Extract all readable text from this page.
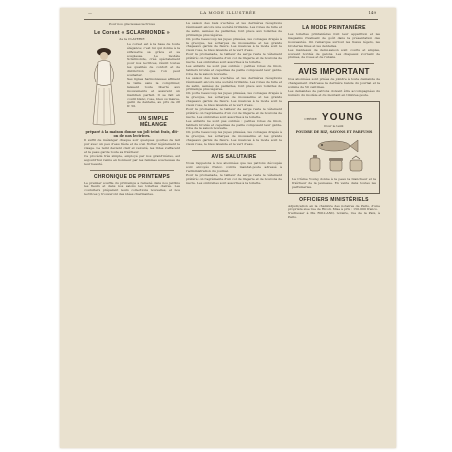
—	LA MODE ILLUSTRÉE	149

Pour nos gracieuses lectrices

Le Corset « SCLARMONDE »

de la CLAYERIE

Le corset est à la base de toute élégance; c'est lui qui donne à la silhouette sa grâce et sa souplesse. Le modèle Sclarmonde, créé spécialement pour nos lectrices, réunit toutes les qualités de confort et de distinction que l'on peut souhaiter.

Ses lignes harmonieuses affinent la taille sans la comprimer, laissent toute liberté aux mouvements et assurent un maintien parfait. Il se fait en coutil blanc, rose, bleu ou mauve, garni de dentelle, au prix de 28 fr. 50.

UN SIMPLE MÉLANGE
préparé à la maison donne un joli teint frais, dit-on de nos lectrices.

Il suffit de mélanger chaque soir quelques gouttes de lait pur avec un peu d'eau tiède et de s'en frotter légèrement le visage. Le teint devient clair et velouté, les rides s'effacent et la peau garde toute sa fraîcheur.

Ce procédé très simple, employé par nos grand'mères, est aujourd'hui remis en honneur par les femmes soucieuses de leur beauté.

CHRONIQUE DE PRINTEMPS

Le premier souffle du printemps a ramené dans nos jardins les fleurs et dans nos salons les toilettes claires. Les couturiers préparent leurs collections nouvelles, et nos lectrices y trouveront des idées charmantes.

La saison des bals s'achève et les dernières réceptions réunissent encore une société brillante. Les robes de tulle et de satin, semées de paillettes, font place aux toilettes de printemps plus légères.

On porte beaucoup les jupes plissées, les corsages drapés à la grecque, les écharpes de mousseline et les grands chapeaux garnis de fleurs. Les nuances à la mode sont le vieux rose, le bleu lavande et le vert d'eau.

Pour la promenade, le tailleur de serge reste le vêtement préféré; on l'agrémente d'un col de lingerie et de boutons de nacre. Les ombrelles sont assorties à la toilette.

Les enfants ne sont pas oubliés : petites robes de linon, tabliers brodés et capelines de paille composent leur garde-robe de la saison nouvelle.

La saison des bals s'achève et les dernières réceptions réunissent encore une société brillante. Les robes de tulle et de satin, semées de paillettes, font place aux toilettes de printemps plus légères.

On porte beaucoup les jupes plissées, les corsages drapés à la grecque, les écharpes de mousseline et les grands chapeaux garnis de fleurs. Les nuances à la mode sont le vieux rose, le bleu lavande et le vert d'eau.

Pour la promenade, le tailleur de serge reste le vêtement préféré; on l'agrémente d'un col de lingerie et de boutons de nacre. Les ombrelles sont assorties à la toilette.

Les enfants ne sont pas oubliés : petites robes de linon, tabliers brodés et capelines de paille composent leur garde-robe de la saison nouvelle.

On porte beaucoup les jupes plissées, les corsages drapés à la grecque, les écharpes de mousseline et les grands chapeaux garnis de fleurs. Les nuances à la mode sont le vieux rose, le bleu lavande et le vert d'eau.

AVIS SALUTAIRE

Nous rappelons à nos abonnées que les patrons découpés sont envoyés franco contre mandat-poste adressé à l'administration du journal.

Pour la promenade, le tailleur de serge reste le vêtement préféré; on l'agrémente d'un col de lingerie et de boutons de nacre. Les ombrelles sont assorties à la toilette.

LA MODE PRINTANIÈRE

Les toilettes printanières font leur apparition et les magasins rivalisent de goût dans la présentation des nouveautés. On remarque surtout les tissus légers, les broderies fines et les dentelles.

Les manteaux de demi-saison sont courts et amples, souvent bordés de galons. Les chapeaux s'ornent de plumes, de roses et de rubans.

AVIS IMPORTANT

Nos abonnées sont priées de joindre à toute demande de changement d'adresse la dernière bande du journal et la somme de 50 centimes.

Les demandes de patrons doivent être accompagnées du numéro du modèle et du montant en timbres-poste.

CRÈME YOUNG
Pour le teint
POUDRE DE RIZ, SAVONS ET PARFUMS

La Crème Young donne à la peau la blancheur et la fraîcheur de la jeunesse. En vente dans toutes les parfumeries.

OFFICIERS MINISTÉRIELS

Adjudication en la chambre des notaires de Paris, d'une propriété sise rue de Rivoli. Mise à prix : 150.000 francs.

S'adresser à Me ROLLAND, notaire, rue de la Paix, à Paris.
